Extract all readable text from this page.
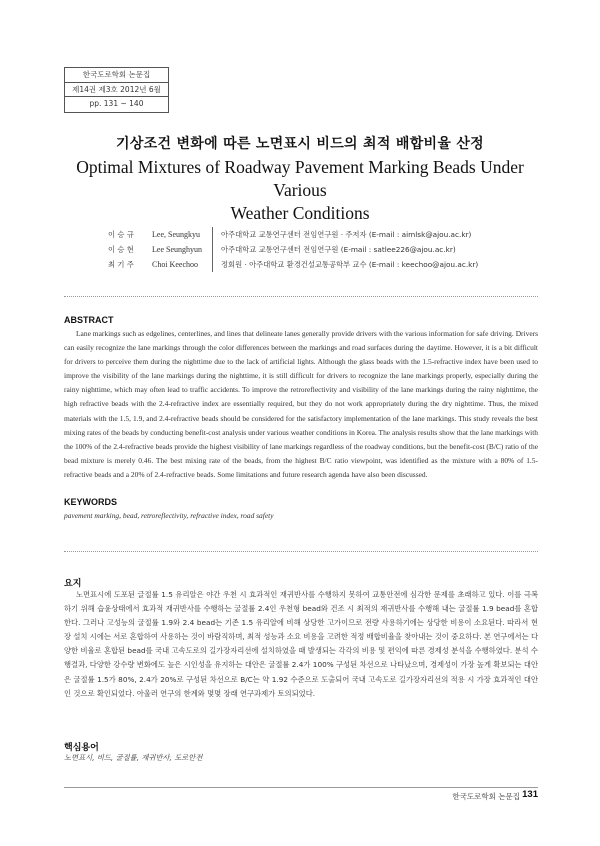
한국도로학회 논문집
제14권 제3호 2012년 6월
pp. 131 ~ 140
기상조건 변화에 따른 노면표시 비드의 최적 배합비율 산정
Optimal Mixtures of Roadway Pavement Marking Beads Under Various
Weather Conditions
이 승 규	Lee, Seungkyu	아주대학교 교통연구센터 전임연구원 · 주저자 (E-mail : aimlsk@ajou.ac.kr)
이 승 현	Lee Seunghyun	아주대학교 교통연구센터 전임연구원 (E-mail : satlee226@ajou.ac.kr)
최 기 주	Choi Keechoo	정회원 · 아주대학교 환경건설교통공학부 교수 (E-mail : keechoo@ajou.ac.kr)
ABSTRACT
Lane markings such as edgelines, centerlines, and lines that delineate lanes generally provide drivers with the various information for safe driving. Drivers can easily recognize the lane markings through the color differences between the markings and road surfaces during the daytime. However, it is a bit difficult for drivers to perceive them during the nighttime due to the lack of artificial lights. Although the glass beads with the 1.5-refractive index have been used to improve the visibility of the lane markings during the nighttime, it is still difficult for drivers to recognize the lane markings properly, especially during the rainy nighttime, which may often lead to traffic accidents. To improve the retroreflectivity and visibility of the lane markings during the rainy nighttime, the high refractive beads with the 2.4-refractive index are essentially required, but they do not work appropriately during the dry nighttime. Thus, the mixed materials with the 1.5, 1.9, and 2.4-refractive beads should be considered for the satisfactory implementation of the lane markings. This study reveals the best mixing rates of the beads by conducting benefit-cost analysis under various weather conditions in Korea. The analysis results show that the lane markings with the 100% of the 2.4-refractive beads provide the highest visibility of lane markings regardless of the roadway conditions, but the benefit-cost (B/C) ratio of the bead mixture is merely 0.46. The best mixing rate of the beads, from the highest B/C ratio viewpoint, was identified as the mixture with a 80% of 1.5-refractive beads and a 20% of 2.4-refractive beads. Some limitations and future research agenda have also been discussed.
KEYWORDS
pavement marking, bead, retroreflectivity, refractive index, road safety
요지
노면표시에 도포된 글절률 1.5 유리알은 야간 우천 시 효과적인 재귀반사를 수행하지 못하여 교통안전에 심각한 문제를 초래하고 있다. 이를 극복하기 위해 습윤상태에서 효과적 재귀반사를 수행하는 굴절률 2.4인 우천형 bead와 건조 시 최적의 재귀반사를 수행해 내는 굴절률 1.9 bead를 혼합한다. 그러나 고성능의 굴절률 1.9와 2.4 bead는 기존 1.5 유리알에 비해 상당한 고가이므로 전량 사용하기에는 상당한 비용이 소요된다. 따라서 현장 설치 시에는 서로 혼합하여 사용하는 것이 바람직하며, 최적 성능과 소요 비용을 고려한 적정 배합비율을 찾아내는 것이 중요하다. 본 연구에서는 다양한 비율로 혼합된 bead를 국내 고속도로의 길가장자리선에 설치하였을 때 발생되는 각각의 비용 및 편익에 따른 경제성 분석을 수행하였다. 분석 수행결과, 다양한 강수량 변화에도 높은 시인성을 유지하는 대안은 굴절률 2.4가 100% 구성된 차선으로 나타났으며, 경제성이 가장 높게 확보되는 대안은 굴절률 1.5가 80%, 2.4가 20%로 구성된 차선으로 B/C는 약 1.92 수준으로 도출되어 국내 고속도로 길가장자리선의 적용 시 가장 효과적인 대안인 것으로 확인되었다. 아울러 연구의 한계와 몇몇 장래 연구과제가 토의되었다.
핵심용어
노면표시, 비드, 굴절률, 재귀반사, 도로안전
한국도로학회 논문집 131
